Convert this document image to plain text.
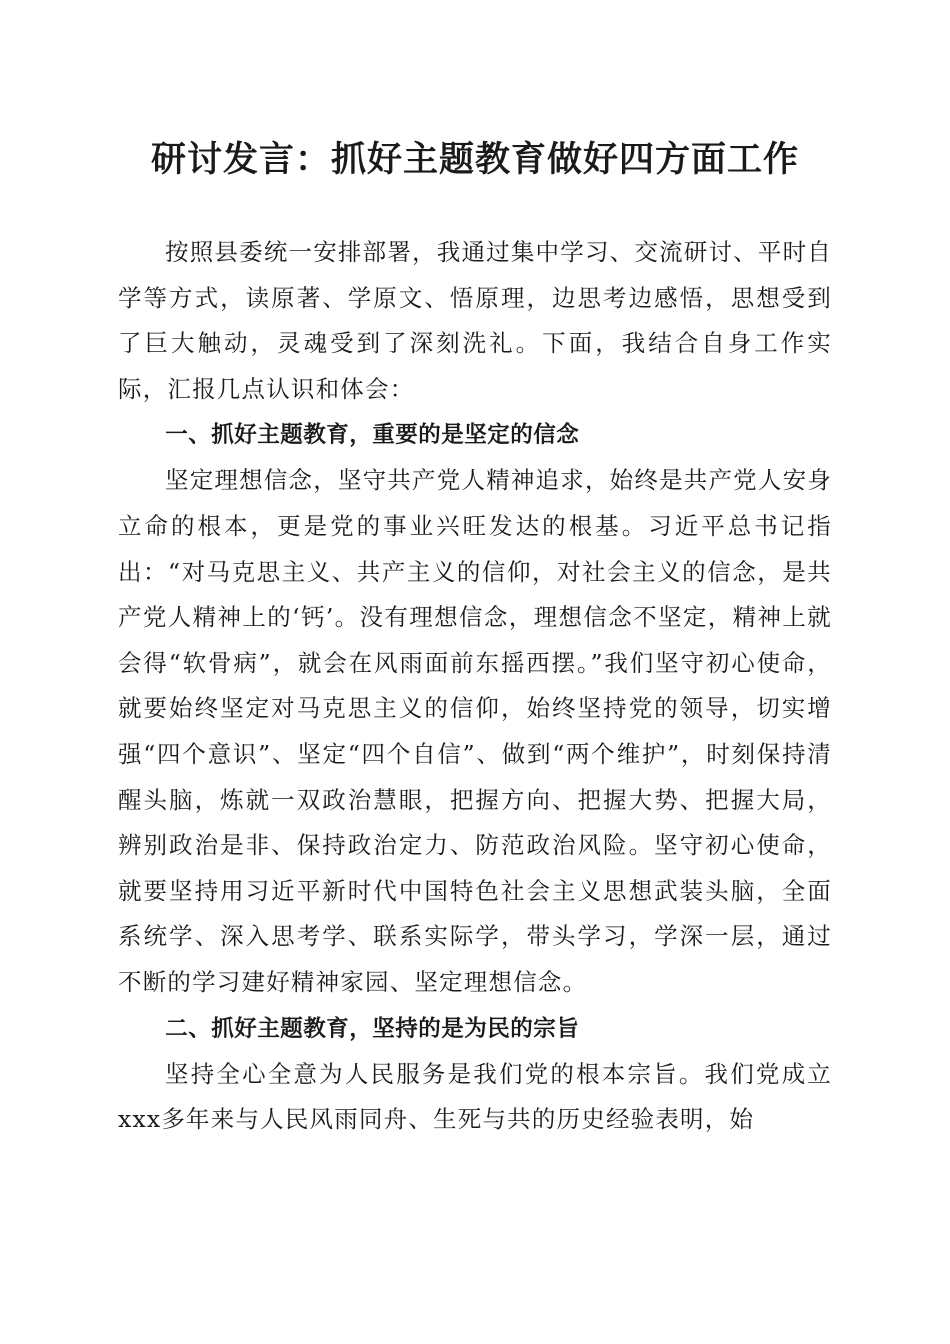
研讨发言：抓好主题教育做好四方面工作

按照县委统一安排部署，我通过集中学习、交流研讨、平时自学等方式，读原著、学原文、悟原理，边思考边感悟，思想受到了巨大触动，灵魂受到了深刻洗礼。下面，我结合自身工作实际，汇报几点认识和体会：

一、抓好主题教育，重要的是坚定的信念

坚定理想信念，坚守共产党人精神追求，始终是共产党人安身立命的根本，更是党的事业兴旺发达的根基。习近平总书记指出：“对马克思主义、共产主义的信仰，对社会主义的信念，是共产党人精神上的‘钙’。没有理想信念，理想信念不坚定，精神上就会得“软骨病”，就会在风雨面前东摇西摆。”我们坚守初心使命，就要始终坚定对马克思主义的信仰，始终坚持党的领导，切实增强“四个意识”、坚定“四个自信”、做到“两个维护”，时刻保持清醒头脑，炼就一双政治慧眼，把握方向、把握大势、把握大局，辨别政治是非、保持政治定力、防范政治风险。坚守初心使命，就要坚持用习近平新时代中国特色社会主义思想武装头脑，全面系统学、深入思考学、联系实际学，带头学习，学深一层，通过不断的学习建好精神家园、坚定理想信念。

二、抓好主题教育，坚持的是为民的宗旨

坚持全心全意为人民服务是我们党的根本宗旨。我们党成立xxx多年来与人民风雨同舟、生死与共的历史经验表明，始
